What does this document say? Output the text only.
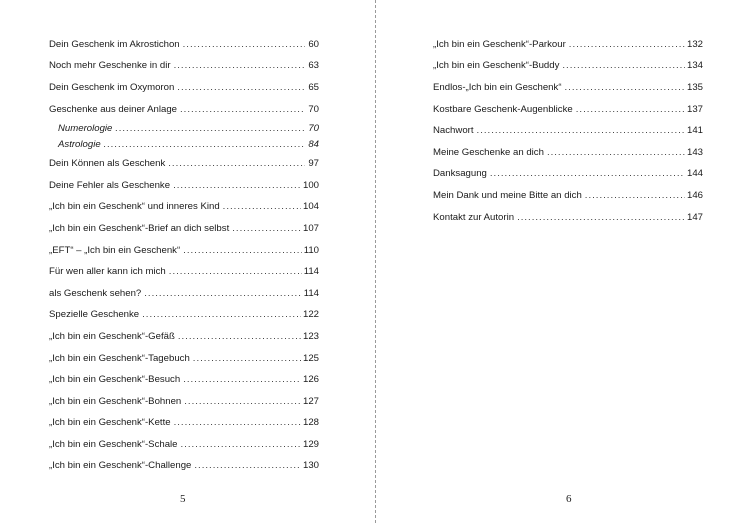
Dein Geschenk im Akrostichon .....	60
Noch mehr Geschenke in dir .....	63
Dein Geschenk im Oxymoron .....	65
Geschenke aus deiner Anlage .....	70
Numerologie .....	70
Astrologie .....	84
Dein Können als Geschenk .....	97
Deine Fehler als Geschenke .....	100
„Ich bin ein Geschenk“ und inneres Kind .....	104
„Ich bin ein Geschenk“-Brief an dich selbst .....	107
„EFT“ – „Ich bin ein Geschenk“ .....	110
Für wen aller kann ich mich .....	114
als Geschenk sehen? .....	114
Spezielle Geschenke .....	122
„Ich bin ein Geschenk“-Gefäß .....	123
„Ich bin ein Geschenk“-Tagebuch .....	125
„Ich bin ein Geschenk“-Besuch .....	126
„Ich bin ein Geschenk“-Bohnen .....	127
„Ich bin ein Geschenk“-Kette .....	128
„Ich bin ein Geschenk“-Schale .....	129
„Ich bin ein Geschenk“-Challenge .....	130
5
„Ich bin ein Geschenk“-Parkour .....	132
„Ich bin ein Geschenk“-Buddy .....	134
Endlos-„Ich bin ein Geschenk“ .....	135
Kostbare Geschenk-Augenblicke .....	137
Nachwort .....	141
Meine Geschenke an dich .....	143
Danksagung .....	144
Mein Dank und meine Bitte an dich .....	146
Kontakt zur Autorin .....	147
6
